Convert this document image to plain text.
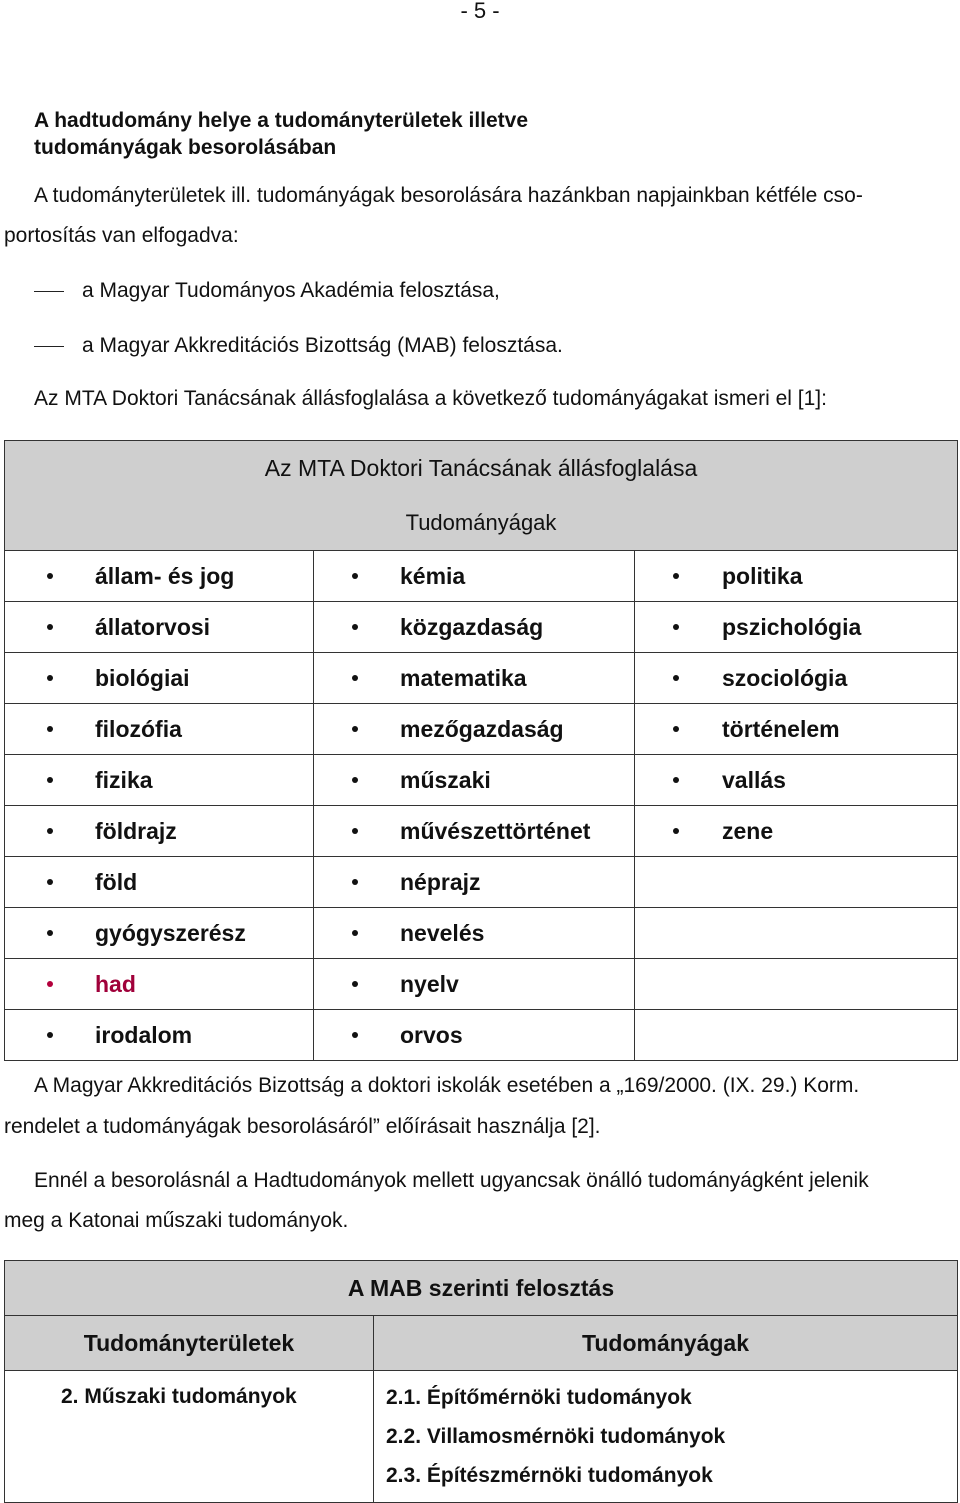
- 5 -
A hadtudomány helye a tudományterületek illetve
tudományágak besorolásában
A tudományterületek ill. tudományágak besorolására hazánkban napjainkban kétféle cso-
portosítás van elfogadva:
a Magyar Tudományos Akadémia felosztása,
a Magyar Akkreditációs Bizottság (MAB) felosztása.
Az MTA Doktori Tanácsának állásfoglalása a következő tudományágakat ismeri el [1]:
Az MTA Doktori Tanácsának állásfoglalása		
Tudományágak		

állam- és jog	kémia	politika

állatorvosi	közgazdaság	pszichológia

biológiai	matematika	szociológia

filozófia	mezőgazdaság	történelem

fizika	műszaki	vallás

földrajz	művészettörténet	zene

föld	néprajz	

gyógyszerész	nevelés	

had	nyelv	

irodalom	orvos	

A Magyar Akkreditációs Bizottság a doktori iskolák esetében a „169/2000. (IX. 29.) Korm.
rendelet a tudományágak besorolásáról” előírásait használja [2].
Ennél a besorolásnál a Hadtudományok mellett ugyancsak önálló tudományágként jelenik
meg a Katonai műszaki tudományok.
A MAB szerinti felosztás	
Tudományterületek	Tudományágak

2. Műszaki tudományok	2.1. Építőmérnöki tudományok
2.2. Villamosmérnöki tudományok
2.3. Építészmérnöki tudományok
